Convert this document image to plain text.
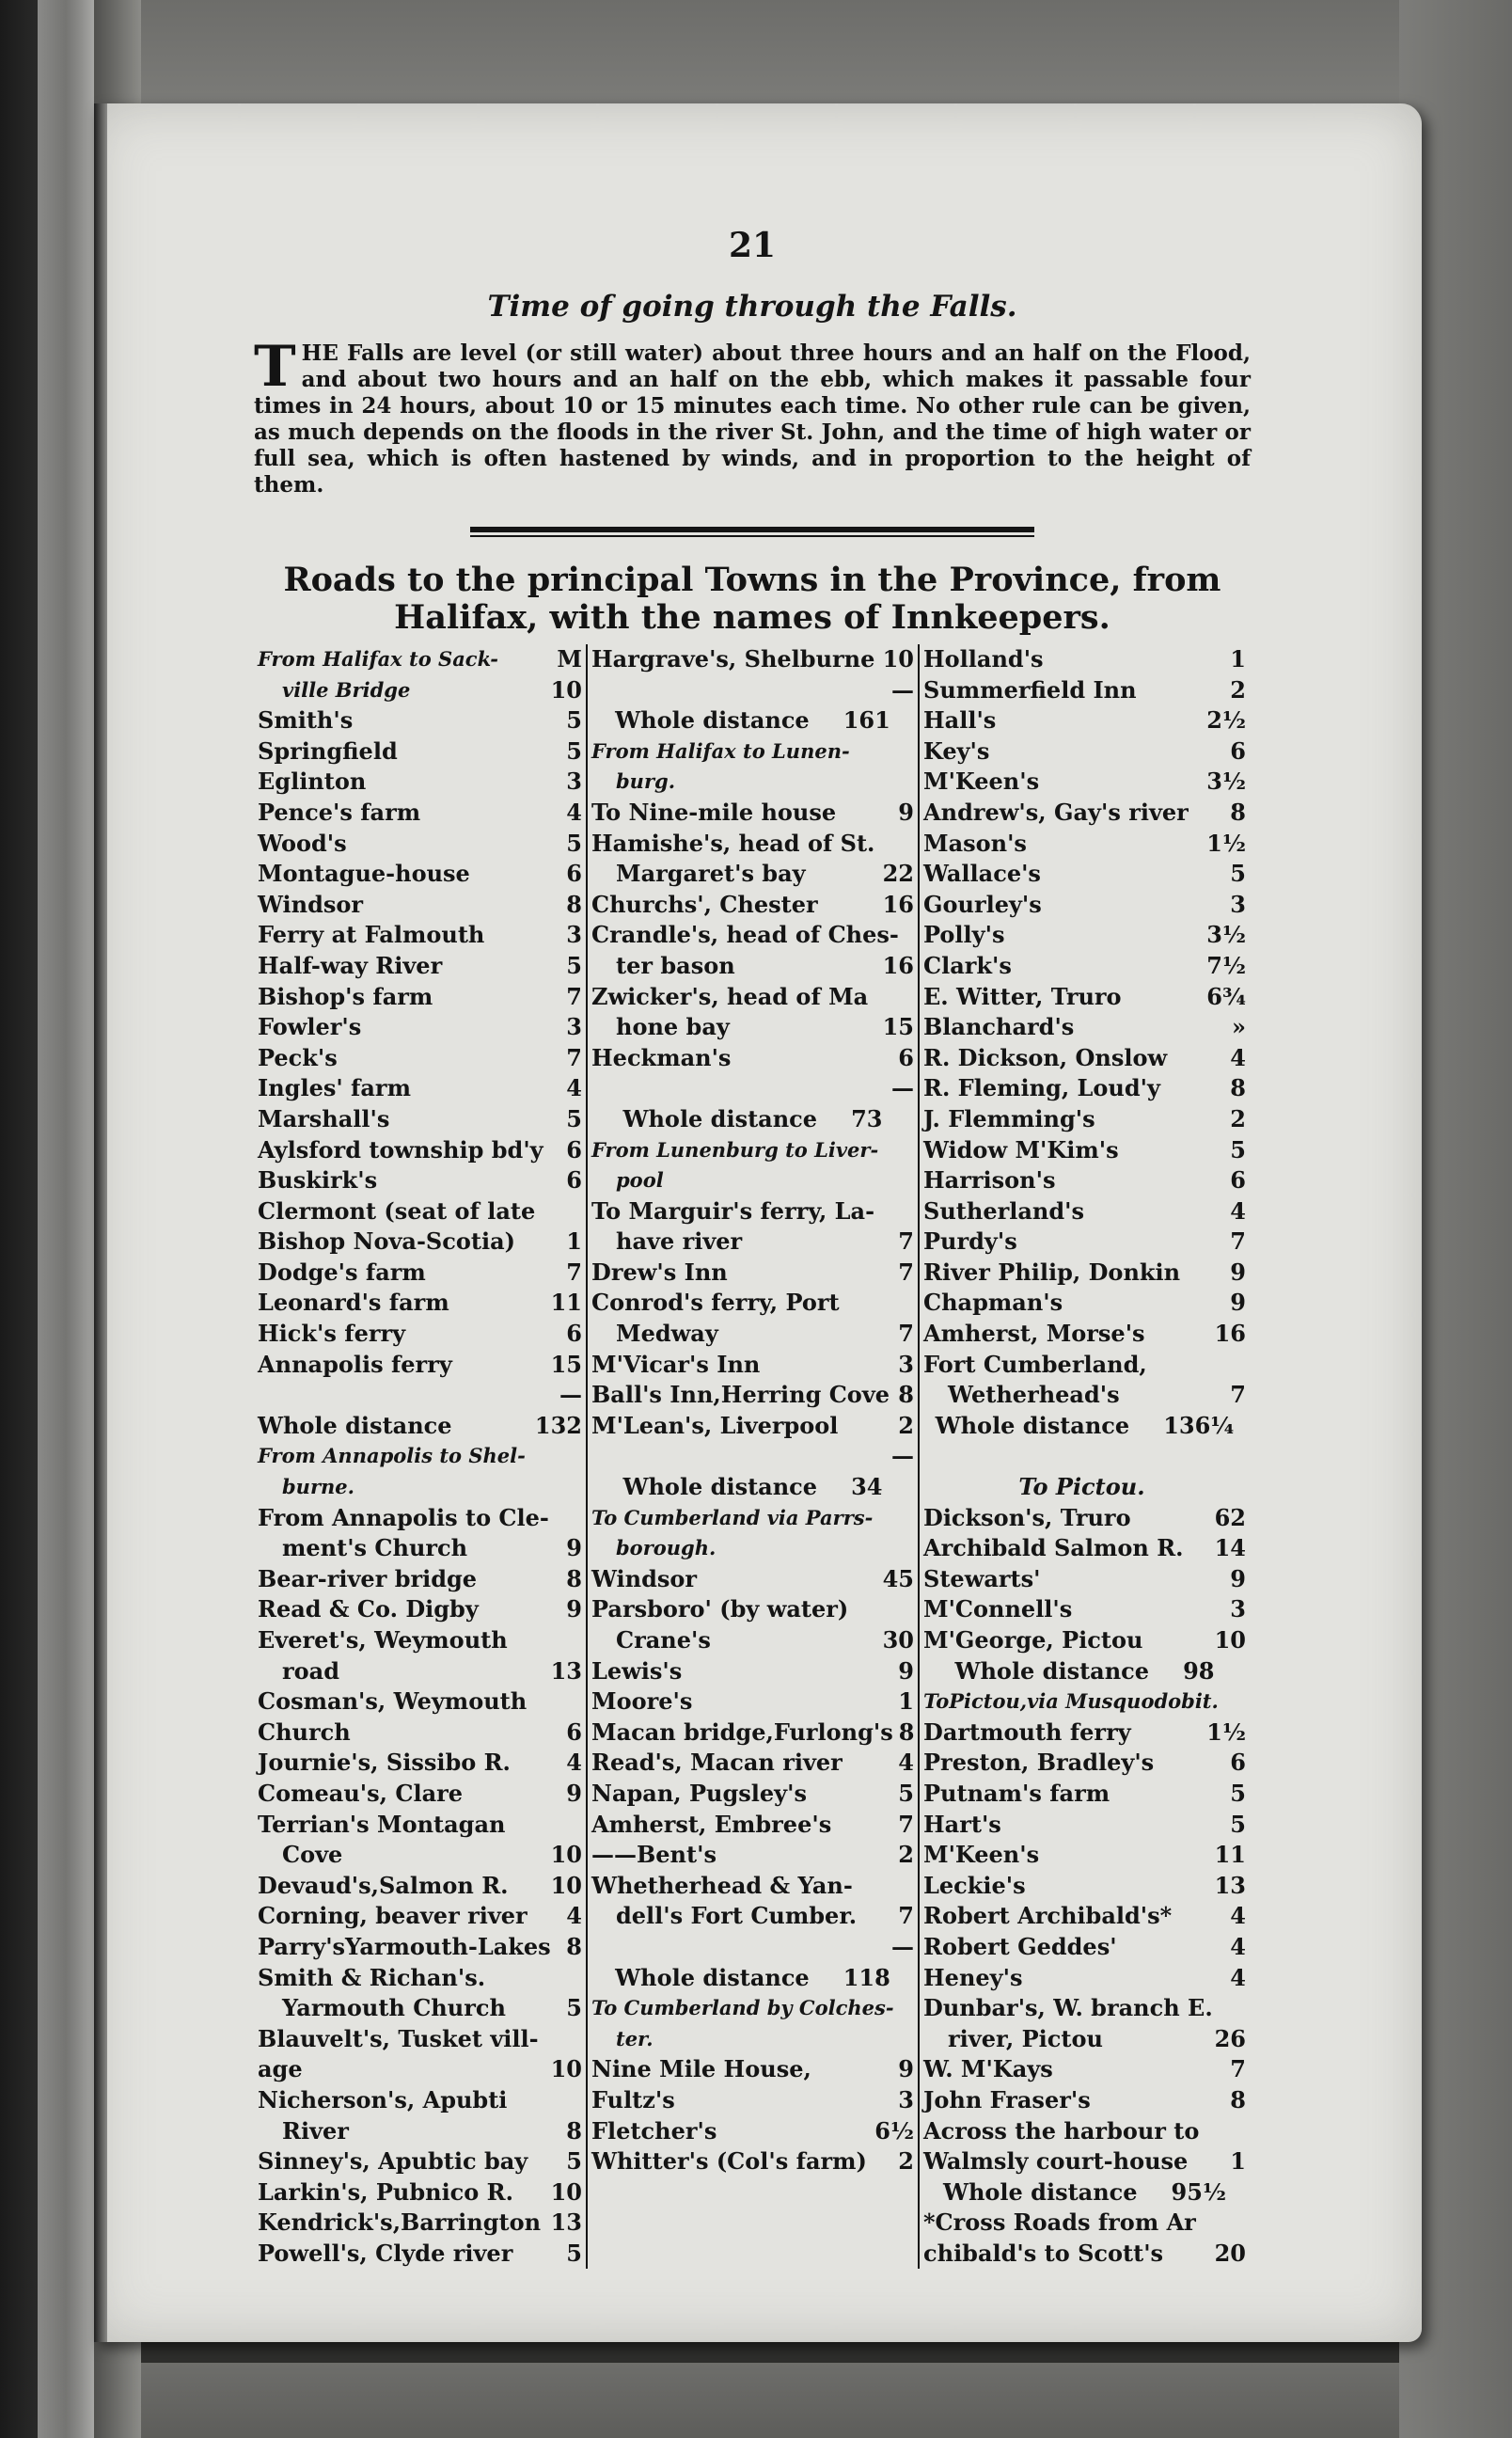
21
Time of going through the Falls.
T HE Falls are level (or still water) about three hours and an half on the Flood, and about two hours and an half on the ebb, which makes it passable four times in 24 hours, about 10 or 15 minutes each time. No other rule can be given, as much depends on the floods in the river St. John, and the time of high water or full sea, which is often hastened by winds, and in proportion to the height of them.
Roads to the principal Towns in the Province, from Halifax, with the names of Innkeepers.
From Halifax to Sack-	M
ville Bridge	10
Smith's	5
Springfield	5
Eglinton	3
Pence's farm	4
Wood's	5
Montague-house	6
Windsor	8
Ferry at Falmouth	3
Half-way River	5
Bishop's farm	7
Fowler's	3
Peck's	7
Ingles' farm	4
Marshall's	5
Aylsford township bd'y 6
Buskirk's	6
Clermont (seat of late
Bishop Nova-Scotia) 1
Dodge's farm	7
Leonard's farm	11
Hick's ferry	6
Annapolis ferry	15
—
Whole distance	132
From Annapolis to Shel-
burne.
From Annapolis to Cle-
ment's Church	9
Bear-river bridge	8
Read & Co. Digby	9
Everet's, Weymouth
road	13
Cosman's, Weymouth
Church	6
Journie's, Sissibo R. 4
Comeau's, Clare	9
Terrian's Montagan
Cove	10
Devaud's,Salmon R. 10
Corning, beaver river 4
Parry'sYarmouth-Lakes 8
Smith & Richan's.
Yarmouth Church	5
Blauvelt's, Tusket vill-
age	10
Nicherson's, Apubti
River	8
Sinney's, Apubtic bay 5
Larkin's, Pubnico R. 10
Kendrick's,Barrington 13
Powell's, Clyde river 5
Hargrave's, Shelburne 10
—
Whole distance	161
From Halifax to Lunen-
burg.
To Nine-mile house	9
Hamishe's, head of St.
Margaret's bay	22
Churchs', Chester	16
Crandle's, head of Ches-
ter bason	16
Zwicker's, head of Ma
hone bay	15
Heckman's	6
—
Whole distance	73
From Lunenburg to Liver-
pool
To Marguir's ferry, La-
have river	7
Drew's Inn	7
Conrod's ferry, Port
Medway	7
M'Vicar's Inn	3
Ball's Inn,Herring Cove 8
M'Lean's, Liverpool	2
—
Whole distance	34
To Cumberland via Parrs-
borough.
Windsor	45
Parsboro' (by water)
Crane's	30
Lewis's	9
Moore's	1
Macan bridge,Furlong's 8
Read's, Macan river 4
Napan, Pugsley's	5
Amherst, Embree's	7
——Bent's	2
Whetherhead & Yan-
dell's Fort Cumber. 7
—
Whole distance	118
To Cumberland by Colches-
ter.
Nine Mile House,	9
Fultz's	3
Fletcher's	6½
Whitter's (Col's farm) 2
Holland's	1
Summerfield Inn	2
Hall's	2½
Key's	6
M'Keen's	3½
Andrew's, Gay's river 8
Mason's	1½
Wallace's	5
Gourley's	3
Polly's	3½
Clark's	7½
E. Witter, Truro	6¾
Blanchard's	»
R. Dickson, Onslow	4
R. Fleming, Loud'y	8
J. Flemming's	2
Widow M'Kim's	5
Harrison's	6
Sutherland's	4
Purdy's	7
River Philip, Donkin 9
Chapman's	9
Amherst, Morse's	16
Fort Cumberland,
Wetherhead's	7
Whole distance	136¼
To Pictou.
Dickson's, Truro	62
Archibald Salmon R. 14
Stewarts'	9
M'Connell's	3
M'George, Pictou	10
Whole distance	98
ToPictou,via Musquodobit.
Dartmouth ferry	1½
Preston, Bradley's	6
Putnam's farm	5
Hart's	5
M'Keen's	11
Leckie's	13
Robert Archibald's*	4
Robert Geddes'	4
Heney's	4
Dunbar's, W. branch E.
river, Pictou	26
W. M'Kays	7
John Fraser's	8
Across the harbour to
Walmsly court-house 1
Whole distance	95½
*Cross Roads from Ar
chibald's to Scott's 20
